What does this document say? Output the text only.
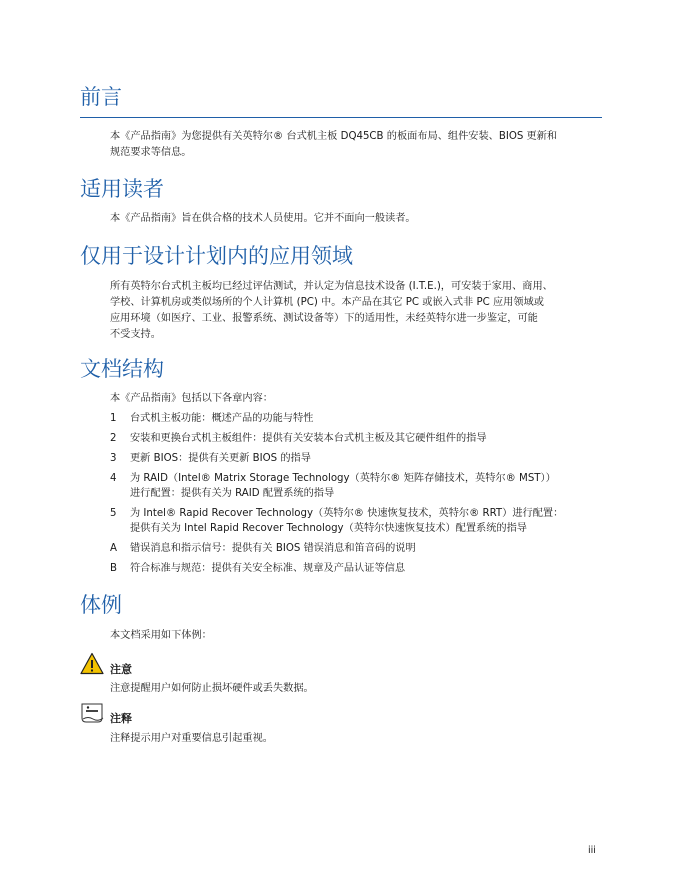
前言

本《产品指南》为您提供有关英特尔® 台式机主板 DQ45CB 的板面布局、组件安装、BIOS 更新和

规范要求等信息。

适用读者

本《产品指南》旨在供合格的技术人员使用。它并不面向一般读者。

仅用于设计计划内的应用领域

所有英特尔台式机主板均已经过评估测试，并认定为信息技术设备 (I.T.E.)，可安装于家用、商用、

学校、计算机房或类似场所的个人计算机 (PC) 中。本产品在其它 PC 或嵌入式非 PC 应用领域或

应用环境（如医疗、工业、报警系统、测试设备等）下的适用性，未经英特尔进一步鉴定，可能

不受支持。

文档结构

本《产品指南》包括以下各章内容：

1	台式机主板功能：概述产品的功能与特性
2	安装和更换台式机主板组件：提供有关安装本台式机主板及其它硬件组件的指导
3	更新 BIOS：提供有关更新 BIOS 的指导
4	为 RAID（Intel® Matrix Storage Technology（英特尔® 矩阵存储技术，英特尔® MST））
进行配置：提供有关为 RAID 配置系统的指导
5	为 Intel® Rapid Recover Technology（英特尔® 快速恢复技术，英特尔® RRT）进行配置：
提供有关为 Intel Rapid Recover Technology（英特尔快速恢复技术）配置系统的指导
A	错误消息和指示信号：提供有关 BIOS 错误消息和笛音码的说明
B	符合标准与规范：提供有关安全标准、规章及产品认证等信息
体例

本文档采用如下体例：

注意

注意提醒用户如何防止损坏硬件或丢失数据。

注释

注释提示用户对重要信息引起重视。

iii
